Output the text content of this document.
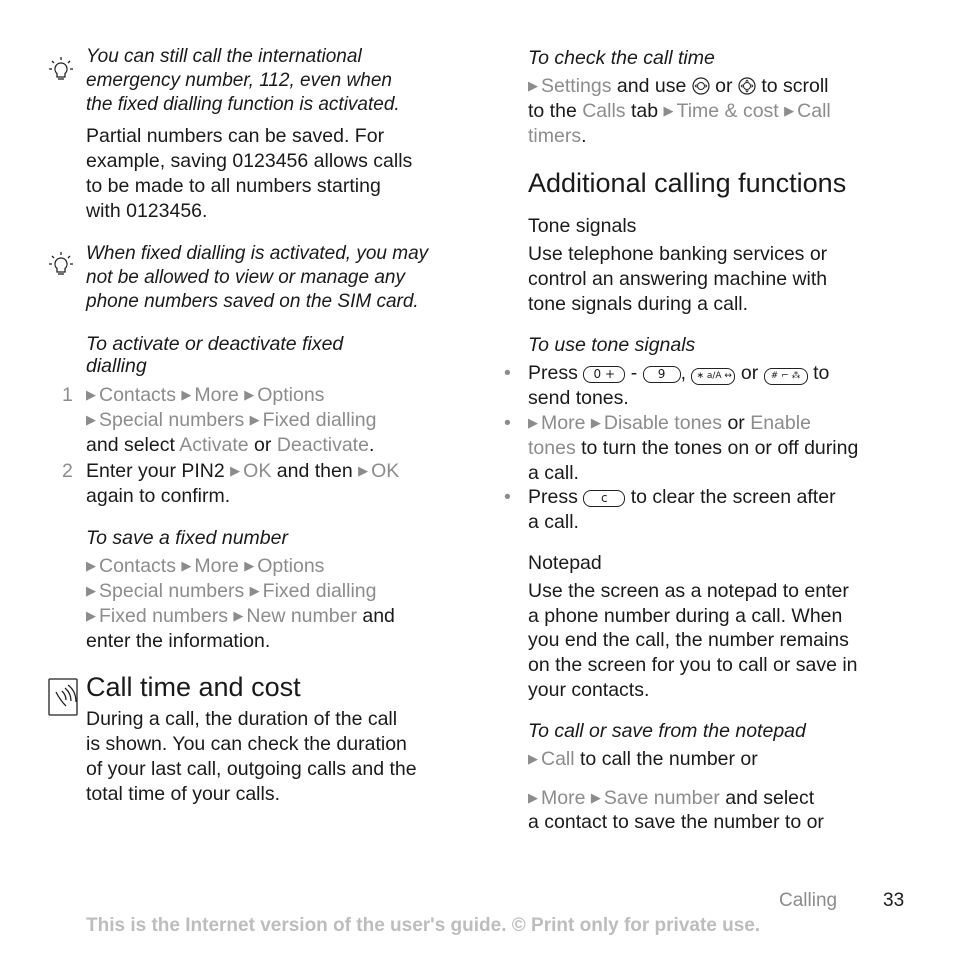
You can still call the international
emergency number, 112, even when
the fixed dialling function is activated.
Partial numbers can be saved. For
example, saving 0123456 allows calls
to be made to all numbers starting
with 0123456.
When fixed dialling is activated, you may
not be allowed to view or manage any
phone numbers saved on the SIM card.
To activate or deactivate fixed
dialling
1 ▶ Contacts ▶ More ▶ Options
▶ Special numbers ▶ Fixed dialling
and select Activate or Deactivate.
2 Enter your PIN2 ▶ OK and then ▶ OK
again to confirm.
To save a fixed number
▶ Contacts ▶ More ▶ Options
▶ Special numbers ▶ Fixed dialling
▶ Fixed numbers ▶ New number and
enter the information.
Call time and cost
During a call, the duration of the call
is shown. You can check the duration
of your last call, outgoing calls and the
total time of your calls.
To check the call time
▶ Settings and use or to scroll
to the Calls tab ▶ Time & cost ▶ Call
timers.
Additional calling functions
Tone signals
Use telephone banking services or
control an answering machine with
tone signals during a call.
To use tone signals
• Press 0 + - 9 , ∗ a/A ↔ or # ⌐ ⁂ to
send tones.
• ▶ More ▶ Disable tones or Enable
tones to turn the tones on or off during
a call.
• Press c to clear the screen after
a call.
Notepad
Use the screen as a notepad to enter
a phone number during a call. When
you end the call, the number remains
on the screen for you to call or save in
your contacts.
To call or save from the notepad
▶ Call to call the number or
▶ More ▶ Save number and select
a contact to save the number to or
Calling 33
This is the Internet version of the user's guide. © Print only for private use.
